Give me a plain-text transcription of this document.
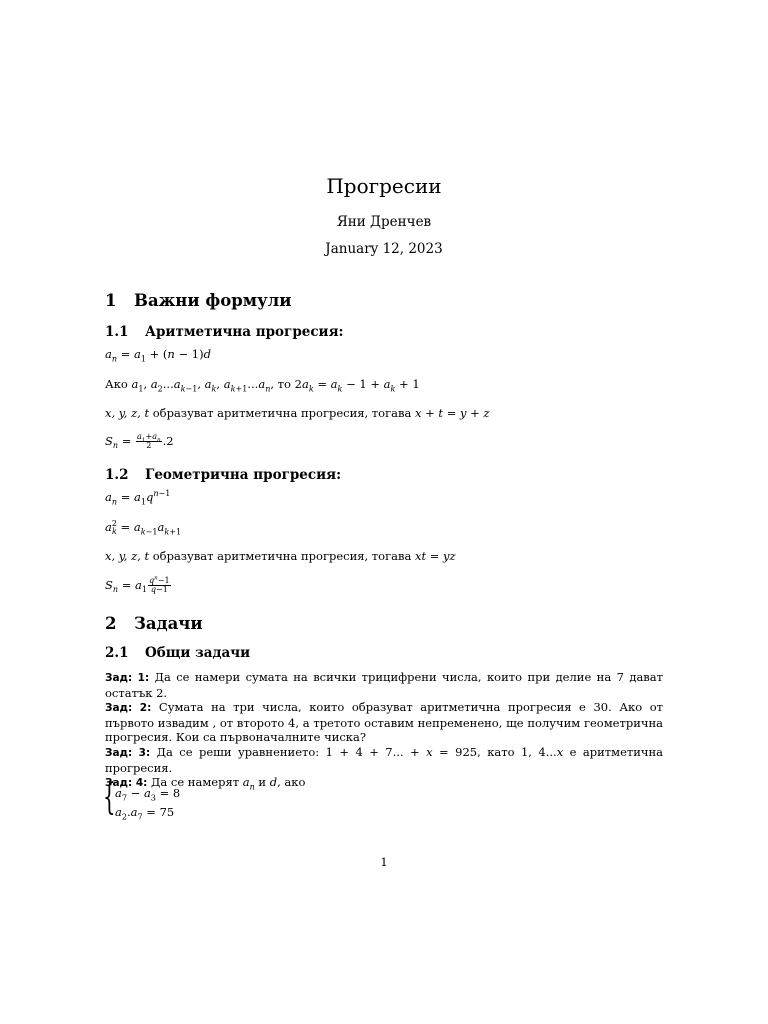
Прогресии
Яни Дренчев
January 12, 2023
1 Важни формули
1.1 Аритметична прогресия:
$a_n = a_1 + (n - 1)d$
Ако $a_1$, $a_2...a_{k-1}$, $a_k$, $a_{k+1}...a_n$, то $2a_k = a_k - 1 + a_k + 1$
x, y, z, t образуват аритметична прогресия, тогава x + t = y + z
$S_n = \frac{a_1+a_n}{2} .2$
1.2 Геометрична прогресия:
$a_n = a_1q^{n-1}$
$a^2_k = a_{k-1}a_{k+1}$
x, y, z, t образуват аритметична прогресия, тогава xt = yz
$S_n = a_1 \frac{q^n-1}{q-1}$
2 Задачи
2.1 Общи задачи
Зад: 1: Да се намери сумата на всички трицифрени числа, които при делие на 7 дават остатък 2.
Зад: 2: Сумата на три числа, които образуват аритметична прогресия е 30. Ако от първото извадим , от второто 4, а третото оставим непременено, ще получим геометрична прогресия. Кои са първоначалните чиска?
Зад: 3: Да се реши уравнението: 1 + 4 + 7... + x = 925, като 1, 4...x е аритметична прогресия.
Зад: 4: Да се намерят $a_n$ и d, ако
{ $a_7 - a_3 = 8$
$a_2.a_7 = 75$
1
